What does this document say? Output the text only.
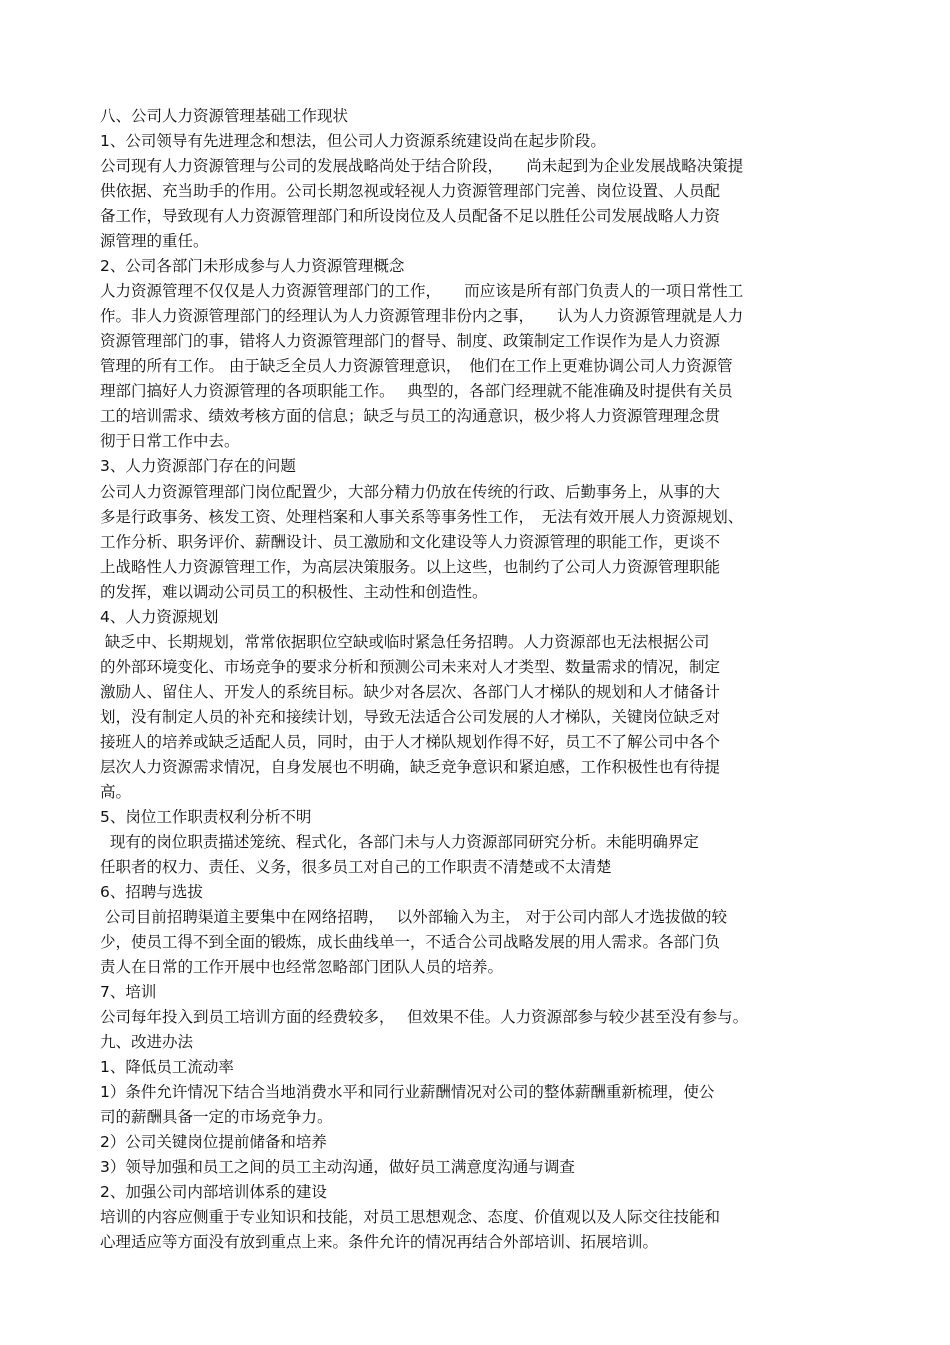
八、公司人力资源管理基础工作现状

1、公司领导有先进理念和想法，但公司人力资源系统建设尚在起步阶段。

公司现有人力资源管理与公司的发展战略尚处于结合阶段，　　尚未起到为企业发展战略决策提

供依据、充当助手的作用。公司长期忽视或轻视人力资源管理部门完善、岗位设置、人员配

备工作，导致现有人力资源管理部门和所设岗位及人员配备不足以胜任公司发展战略人力资

源管理的重任。

2、公司各部门未形成参与人力资源管理概念

人力资源管理不仅仅是人力资源管理部门的工作，　　而应该是所有部门负责人的一项日常性工

作。非人力资源管理部门的经理认为人力资源管理非份内之事，　　认为人力资源管理就是人力

资源管理部门的事，错将人力资源管理部门的督导、制度、政策制定工作误作为是人力资源

管理的所有工作。 由于缺乏全员人力资源管理意识，　他们在工作上更难协调公司人力资源管

理部门搞好人力资源管理的各项职能工作。　 典型的，各部门经理就不能准确及时提供有关员

工的培训需求、绩效考核方面的信息；缺乏与员工的沟通意识，极少将人力资源管理理念贯

彻于日常工作中去。

3、人力资源部门存在的问题

公司人力资源管理部门岗位配置少，大部分精力仍放在传统的行政、后勤事务上，从事的大

多是行政事务、核发工资、处理档案和人事关系等事务性工作，　无法有效开展人力资源规划、

工作分析、职务评价、薪酬设计、员工激励和文化建设等人力资源管理的职能工作，更谈不

上战略性人力资源管理工作，为高层决策服务。以上这些，也制约了公司人力资源管理职能

的发挥，难以调动公司员工的积极性、主动性和创造性。

4、人力资源规划

缺乏中、长期规划，常常依据职位空缺或临时紧急任务招聘。人力资源部也无法根据公司

的外部环境变化、市场竞争的要求分析和预测公司未来对人才类型、数量需求的情况，制定

激励人、留住人、开发人的系统目标。缺少对各层次、各部门人才梯队的规划和人才储备计

划，没有制定人员的补充和接续计划，导致无法适合公司发展的人才梯队，关键岗位缺乏对

接班人的培养或缺乏适配人员，同时，由于人才梯队规划作得不好，员工不了解公司中各个

层次人力资源需求情况，自身发展也不明确，缺乏竞争意识和紧迫感，工作积极性也有待提

高。

5、岗位工作职责权利分析不明

现有的岗位职责描述笼统、程式化，各部门未与人力资源部同研究分析。未能明确界定

任职者的权力、责任、义务，很多员工对自己的工作职责不清楚或不太清楚

6、招聘与选拔

公司目前招聘渠道主要集中在网络招聘，　 以外部输入为主， 对于公司内部人才选拔做的较

少，使员工得不到全面的锻炼，成长曲线单一，不适合公司战略发展的用人需求。各部门负

责人在日常的工作开展中也经常忽略部门团队人员的培养。

7、培训

公司每年投入到员工培训方面的经费较多，　 但效果不佳。人力资源部参与较少甚至没有参与。

九、改进办法

1、降低员工流动率

1）条件允许情况下结合当地消费水平和同行业薪酬情况对公司的整体薪酬重新梳理，使公

司的薪酬具备一定的市场竞争力。

2）公司关键岗位提前储备和培养

3）领导加强和员工之间的员工主动沟通，做好员工满意度沟通与调查

2、加强公司内部培训体系的建设

培训的内容应侧重于专业知识和技能，对员工思想观念、态度、价值观以及人际交往技能和

心理适应等方面没有放到重点上来。条件允许的情况再结合外部培训、拓展培训。
